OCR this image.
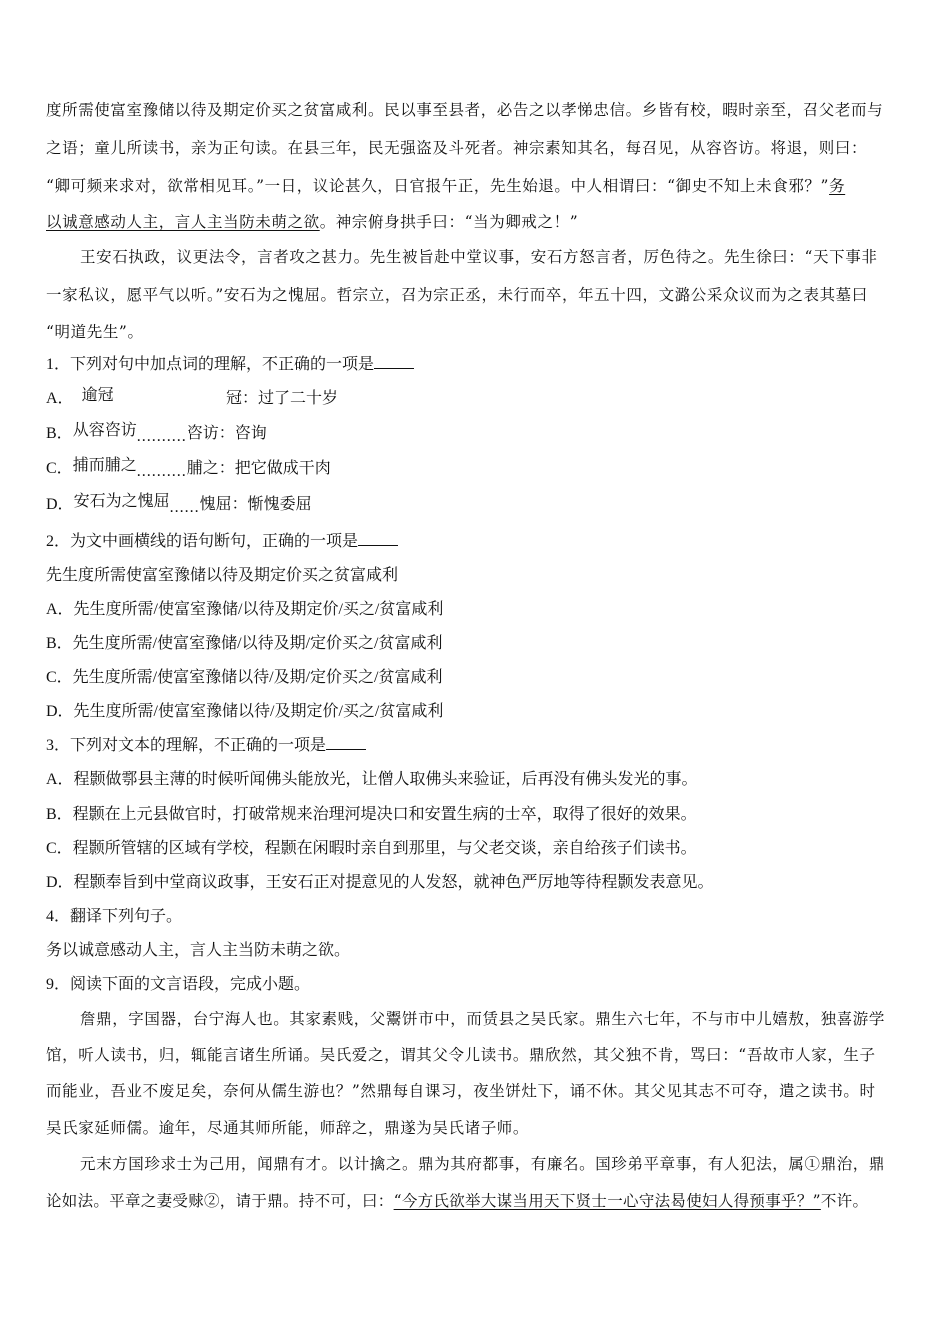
度所需使富室豫储以待及期定价买之贫富咸利。民以事至县者，必告之以孝悌忠信。乡皆有校，暇时亲至，召父老而与
之语；童儿所读书，亲为正句读。在县三年，民无强盗及斗死者。神宗素知其名，每召见，从容咨访。将退，则曰：
“卿可频来求对，欲常相见耳。”一日，议论甚久，日官报午正，先生始退。中人相谓曰：“御史不知上未食邪？”务
以诚意感动人主，言人主当防未萌之欲。神宗俯身拱手曰：“当为卿戒之！”
王安石执政，议更法令，言者攻之甚力。先生被旨赴中堂议事，安石方怒言者，厉色待之。先生徐曰：“天下事非
一家私议，愿平气以听。”安石为之愧屈。哲宗立，召为宗正丞，未行而卒，年五十四，文潞公采众议而为之表其墓曰
“明道先生”。
1．下列对句中加点词的理解，不正确的一项是
A． 逾冠	冠：过了二十岁
B．从容咨访..........咨访：咨询
C．捕而脯之..........脯之：把它做成干肉
D．安石为之愧屈......愧屈：惭愧委屈
2．为文中画横线的语句断句，正确的一项是
先生度所需使富室豫储以待及期定价买之贫富咸利
A．先生度所需/使富室豫储/以待及期定价/买之/贫富咸利
B．先生度所需/使富室豫储/以待及期/定价买之/贫富咸利
C．先生度所需/使富室豫储以待/及期/定价买之/贫富咸利
D．先生度所需/使富室豫储以待/及期定价/买之/贫富咸利
3．下列对文本的理解，不正确的一项是
A．程颢做鄠县主薄的时候听闻佛头能放光，让僧人取佛头来验证，后再没有佛头发光的事。
B．程颢在上元县做官时，打破常规来治理河堤决口和安置生病的士卒，取得了很好的效果。
C．程颢所管辖的区域有学校，程颢在闲暇时亲自到那里，与父老交谈，亲自给孩子们读书。
D．程颢奉旨到中堂商议政事，王安石正对提意见的人发怒，就神色严厉地等待程颢发表意见。
4．翻译下列句子。
务以诚意感动人主，言人主当防未萌之欲。
9．阅读下面的文言语段，完成小题。
詹鼎，字国器，台宁海人也。其家素贱，父鬻饼市中，而赁县之吴氏家。鼎生六七年，不与市中儿嬉敖，独喜游学
馆，听人读书，归，辄能言诸生所诵。吴氏爱之，谓其父令儿读书。鼎欣然，其父独不肯，骂曰：“吾故市人家，生子
而能业，吾业不废足矣，奈何从儒生游也？”然鼎每自课习，夜坐饼灶下，诵不休。其父见其志不可夺，遣之读书。时
吴氏家延师儒。逾年，尽通其师所能，师辞之，鼎遂为吴氏诸子师。
元末方国珍求士为己用，闻鼎有才。以计擒之。鼎为其府都事，有廉名。国珍弟平章事，有人犯法，属①鼎治，鼎
论如法。平章之妻受赇②，请于鼎。持不可，曰：“今方氏欲举大谋当用天下贤士一心守法曷使妇人得预事乎？”不许。
